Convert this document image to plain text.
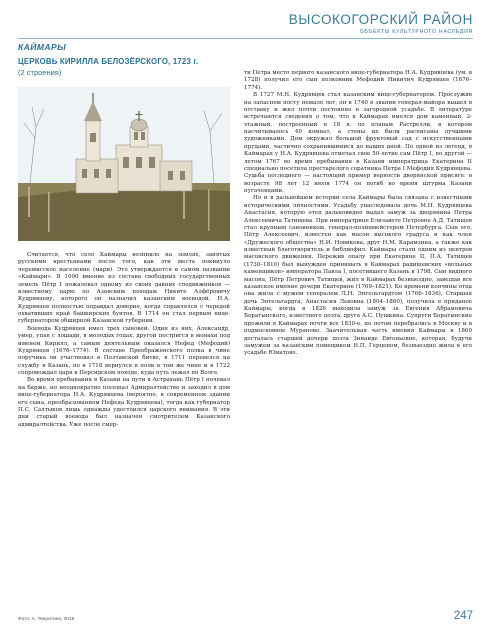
ВЫСОКОГОРСКИЙ РАЙОН
ОБЪЕКТЫ КУЛЬТУРНОГО НАСЛЕДИЯ
КАЙМАРЫ
ЦЕРКОВЬ КИРИЛЛА БЕЛОЗЁРСКОГО, 1723 г.
(2 строения)

Считается, что село Каймары возникло на землях, занятых русскими крестьянами после того, как эти места покинуло черемисское население (мари). Это утверждается в самом названии «Каймари». В 1690 имение из состава свободных государственных земель Пётр I пожаловал одному из своих давних сподвижников — известному царю по Азовским походам Никите Алфёровичу Кудрявцеву, которого он назначил казанским воеводой. Н.А. Кудрявцев полностью оправдал доверие, когда справлялся с чередой охвативших край башкирских бунтов. В 1714 он стал первым вице-губернатором обширной Казанской губернии.

Воевода Кудрявцев имел трех сыновей. Один из них, Александр, умер, упав с лошади, в молодых годах, другой постригся в монахи под именем Кирилл, а самым деятельным оказался Нефед (Мефодий) Кудрявцев (1676–1774). В составе Преображенского полка в чине поручика он участвовал в Полтавской битве, в 1711 перевелся на службу в Казань, но в 1718 вернулся в полк в том же чине и в 1722 сопровождал царя в Персидском походе, куда путь лежал по Волге.

Во время пребывания в Казани на пути в Астрахань Пётр I ночевал на барже, но неоднократно посещал Адмиралтейство и заходил в дом вице-губернатора Н.А. Кудрявцева (вероятно, в современном здании его сына, преобразованном Нефеда Кудрявцева), тогда как губернатор П.С. Салтыков лишь однажды удостоился царского внимания. В эти дни старый воевода был назначен смотрителем Казанского адмиралтейства. Уже после смер-

ти Петра место первого казанского вице-губернатора Н.А. Кудрявцева (ум. в 1728) получил его сын полковник Мефодий Никитич Кудрявцев (1676–1774).

В 1727 М.Н. Кудрявцев стал казанским вице-губернатором. Прослужив на запасном посту немало лет, он в 1740 в звании генерал-майора вышел в отставку и жил почти постоянно в загородной усадьбе. В литературе встречаются сведения о том, что в Каймарах имелся дом каменный, 2-этажный, построенный в 18 в. по планам Растрелли, в котором насчитывалось 40 комнат, а стены их были расписаны лучшими художниками. Дом окружал большой фруктовый сад с искусственными прудами, частично сохранившимися до наших дней. По одной из легенд, в Каймарах у Н.А. Кудрявцева отмечал свое 50-летие сам Пётр I, по другой — летом 1767 во время пребывания в Казани императрица Екатерина II специально посетила престарелого соратника Петра I Мефодия Кудрявцева. Судьба последнего — настоящий пример верности дворянской присяге: в возрасте 98 лет 12 июля 1774 он погиб во время штурма Казани пугачевцами.

Но и в дальнейшем истории села Каймары была связана с известными историческими личностями. Усадьбу унаследовала дочь М.Н. Кудрявцева Анастасия, которую отец дальновидно выдал замуж за дворянина Петра Алексеевича Татищева. При императрице Елизавете Петровне А.Д. Татищев стал крупным сановником, генерал-полицмейстером Петербурга. Сын его, Пётр Алексеевич, известен как масон высокого градуса и как член «Дружеского общества» Н.И. Новикова, друг Н.М. Карамзина, а также как известный благотворитель и библиофил. Каймары стали одним из центров масонского движения. Пережив опалу при Екатерине II, П.А. Татищев (1730–1810) был вынужден принимать в Каймарах радищевских «вольных каменщиков» императора Павла I, посетившего Казань в 1798. Сын видного масона, Пётр Петрович Татищев, жил в Каймарах безвыездно, завещав все казанское имение дочери Екатерине (1769–1821). Ко времени кончины отца она жила с мужем генералом Л.Н. Энгельгардтом (1766–1836). Старшая дочь Энгельгардта, Анастасия Львовна (1804–1860), получила в приданое Каймары, когда в 1826 выходила замуж за Евгения Абрамовича Боратынского, известного поэта, друга А.С. Пушкина. Супруги Боратынские прожили в Каймарах почти все 1830-е, но потом перебрались в Москву и в подмосковное Мураново. Значительная часть имения Каймары в 1860 досталась старшей дочери поэта Зинаиде Евгеньевне, которая, будучи замужем за казанским помещиком Н.П. Герценом, безвыездно жила в его усадьбе Юматово.

Фото: А. Тверитина, 2015	247
